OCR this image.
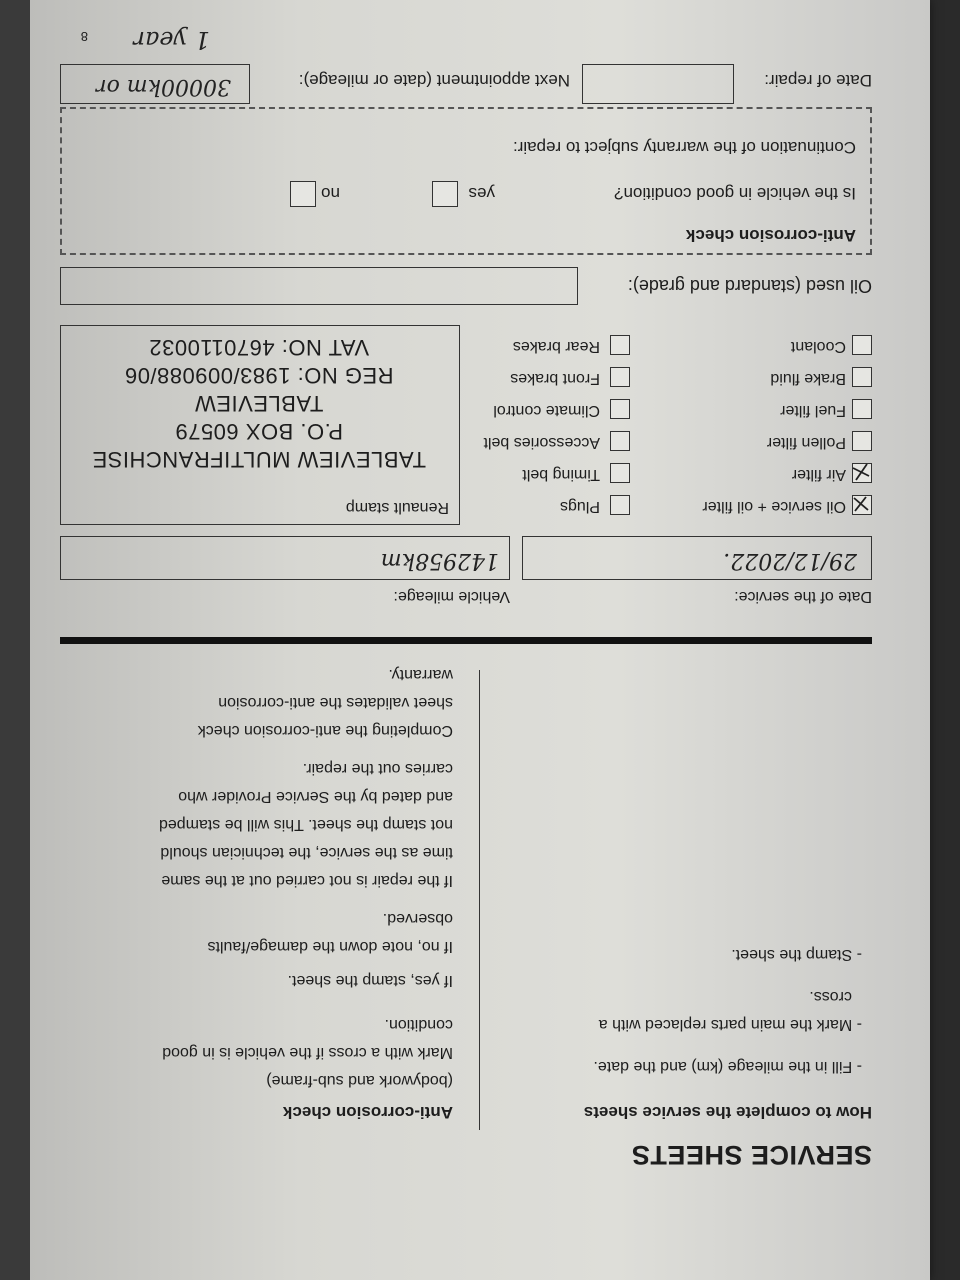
SERVICE SHEETS
How to complete the service sheets
- Fill in the mileage (km) and the date.
- Mark the main parts replaced with a
cross.
- Stamp the sheet.
Anti-corrosion check
(bodywork and sub-frame)
Mark with a cross if the vehicle is in good
condition.
If yes, stamp the sheet.
If no, note down the damage/faults
observed.
If the repair is not carried out at the same
time as the service, the technician should
not stamp the sheet. This will be stamped
and dated by the Service Provider who
carries out the repair.
Completing the anti-corrosion check
sheet validates the anti-corrosion
warranty.
Date of the service:
Vehicle mileage:
29/12/2022.
142958km
Oil service + oil filter
Air filter
Pollen filter
Fuel filter
Brake fluid
Coolant
Plugs
Timing belt
Accessories belt
Climate control
Front brakes
Rear brakes
Renault stamp
TABLEVIEW MULTIFRANCHISE
P.O. BOX 60579
TABLEVIEW
REG NO: 1983/009088/06
VAT NO: 4670110032
Oil used (standard and grade):
Anti-corrosion check
Is the vehicle in good condition?
yes
no
Continuation of the warranty subject to repair:
Date of repair:
Next appointment (date or mileage):
30000km or
1 year
8
